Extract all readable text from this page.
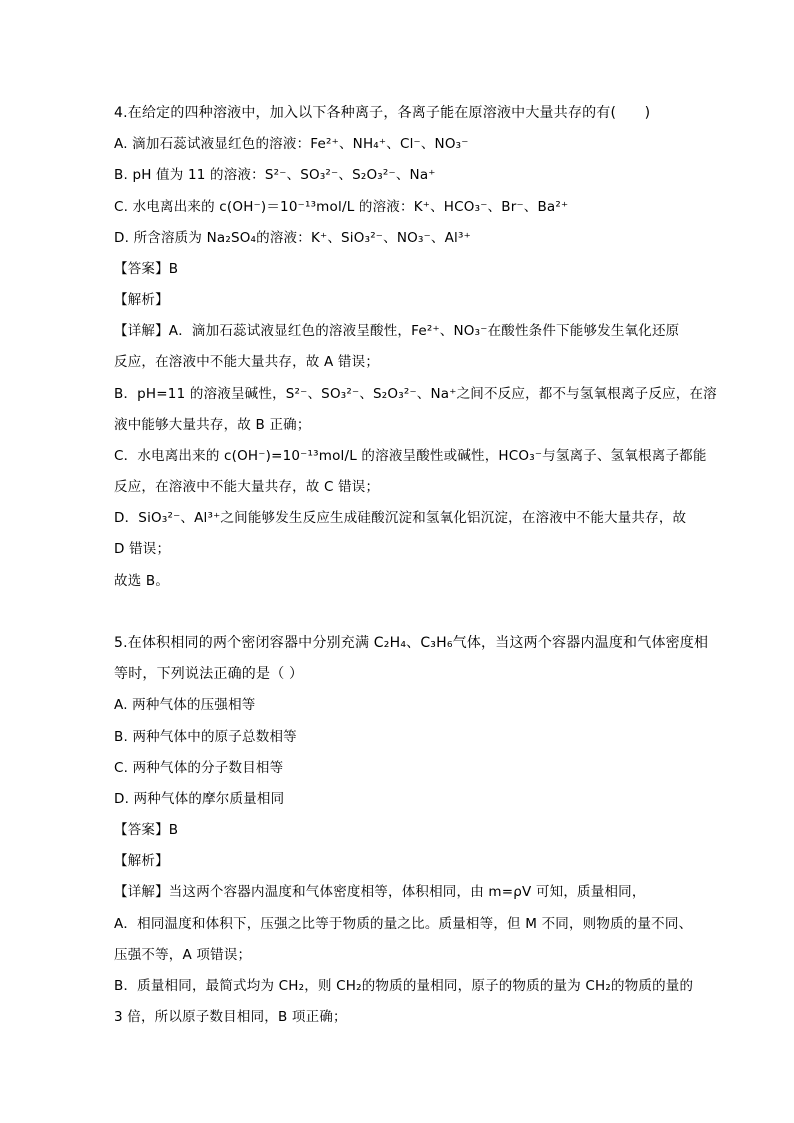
4.在给定的四种溶液中，加入以下各种离子，各离子能在原溶液中大量共存的有(　　)
A. 滴加石蕊试液显红色的溶液：Fe²⁺、NH₄⁺、Cl⁻、NO₃⁻
B. pH 值为 11 的溶液：S²⁻、SO₃²⁻、S₂O₃²⁻、Na⁺
C. 水电离出来的 c(OH⁻)＝10⁻¹³mol/L 的溶液：K⁺、HCO₃⁻、Br⁻、Ba²⁺
D. 所含溶质为 Na₂SO₄的溶液：K⁺、SiO₃²⁻、NO₃⁻、Al³⁺
【答案】B
【解析】
【详解】A．滴加石蕊试液显红色的溶液呈酸性，Fe²⁺、NO₃⁻在酸性条件下能够发生氧化还原
反应，在溶液中不能大量共存，故 A 错误；
B．pH=11 的溶液呈碱性，S²⁻、SO₃²⁻、S₂O₃²⁻、Na⁺之间不反应，都不与氢氧根离子反应，在溶
液中能够大量共存，故 B 正确；
C．水电离出来的 c(OH⁻)=10⁻¹³mol/L 的溶液呈酸性或碱性，HCO₃⁻与氢离子、氢氧根离子都能
反应，在溶液中不能大量共存，故 C 错误；
D．SiO₃²⁻、Al³⁺之间能够发生反应生成硅酸沉淀和氢氧化铝沉淀，在溶液中不能大量共存，故
D 错误；
故选 B。
5.在体积相同的两个密闭容器中分别充满 C₂H₄、C₃H₆气体，当这两个容器内温度和气体密度相
等时，下列说法正确的是（ ）
A. 两种气体的压强相等
B. 两种气体中的原子总数相等
C. 两种气体的分子数目相等
D. 两种气体的摩尔质量相同
【答案】B
【解析】
【详解】当这两个容器内温度和气体密度相等，体积相同，由 m=ρV 可知，质量相同，
A．相同温度和体积下，压强之比等于物质的量之比。质量相等，但 M 不同，则物质的量不同、
压强不等，A 项错误；
B．质量相同，最简式均为 CH₂，则 CH₂的物质的量相同，原子的物质的量为 CH₂的物质的量的
3 倍，所以原子数目相同，B 项正确；
